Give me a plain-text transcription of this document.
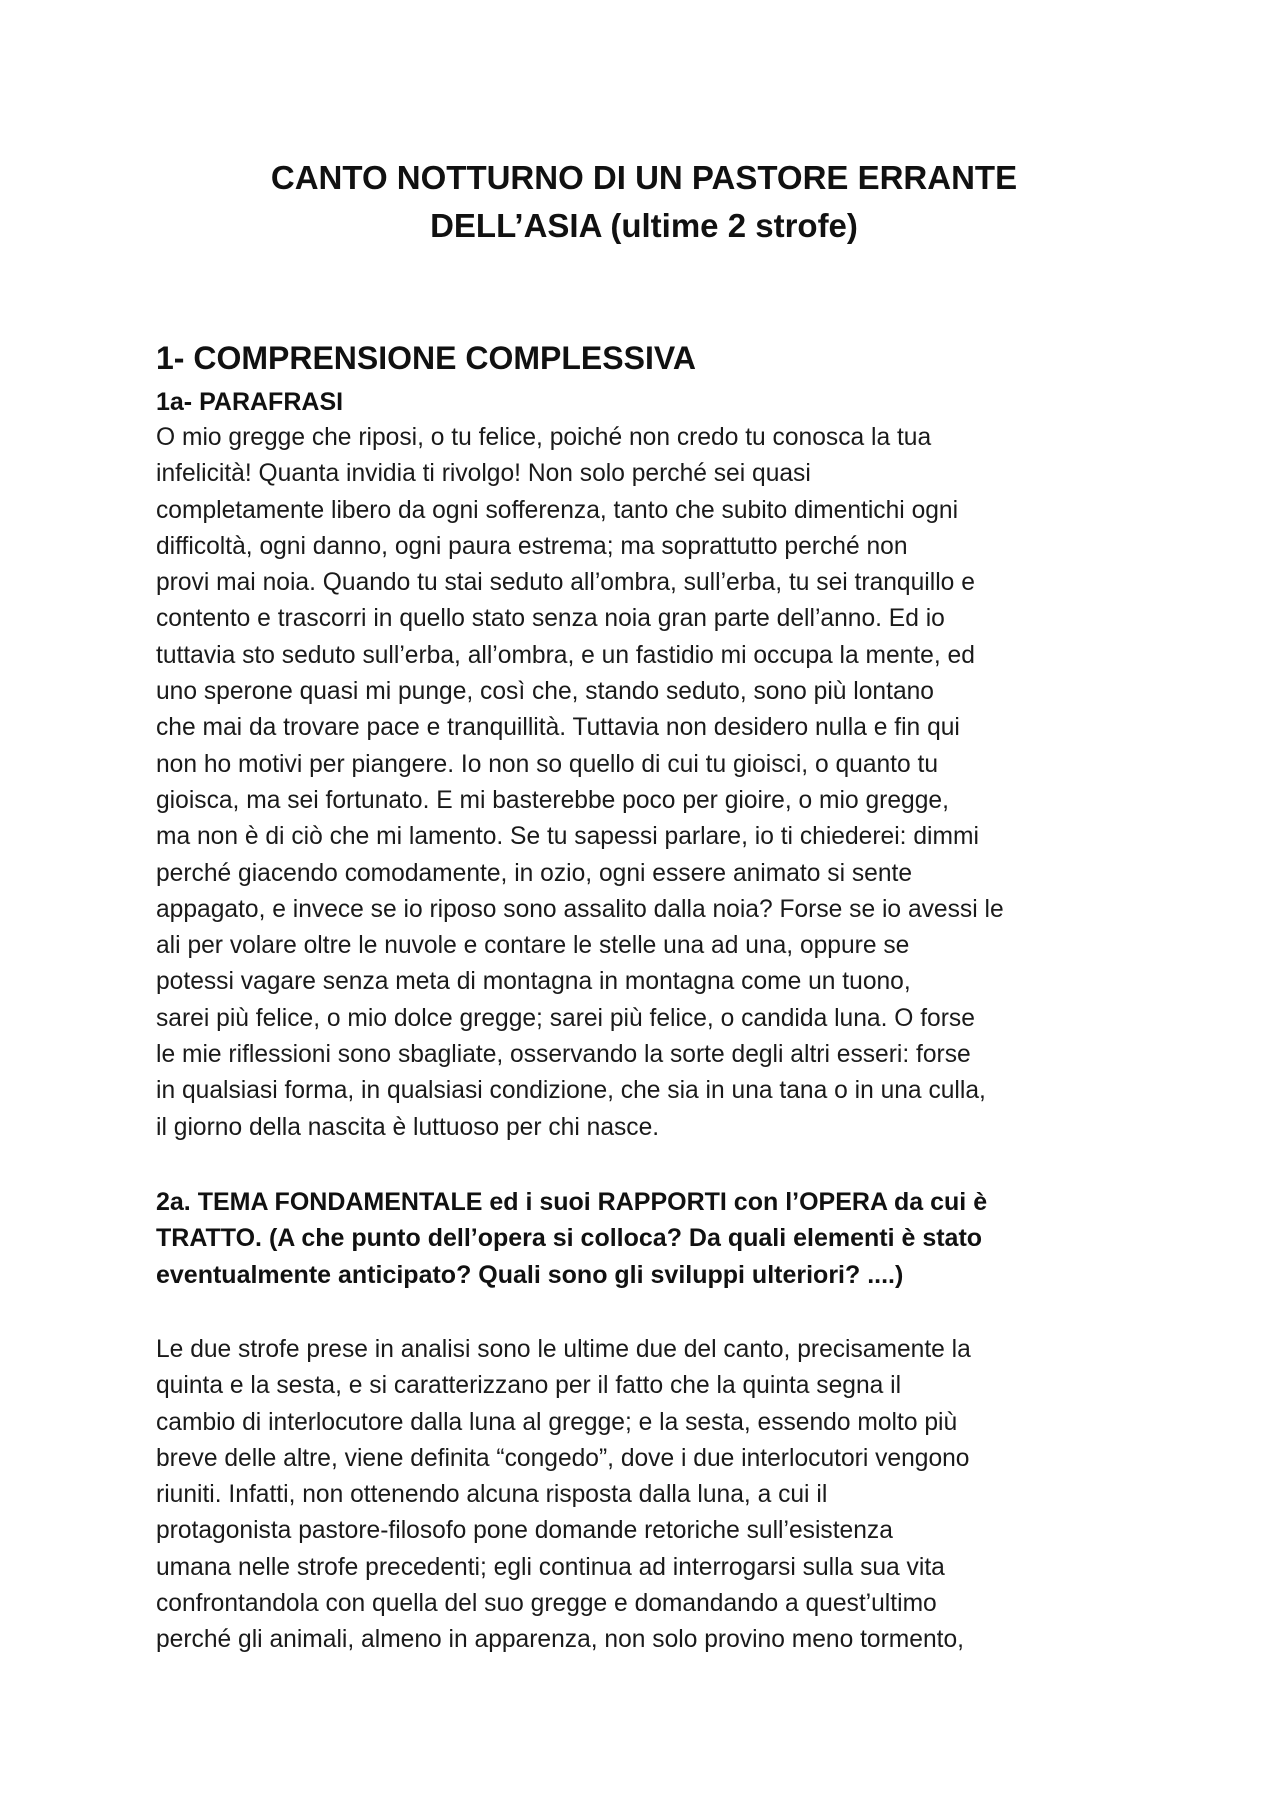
CANTO NOTTURNO DI UN PASTORE ERRANTE
DELL’ASIA (ultime 2 strofe)
1- COMPRENSIONE COMPLESSIVA
1a- PARAFRASI

O mio gregge che riposi, o tu felice, poiché non credo tu conosca la tua
infelicità! Quanta invidia ti rivolgo! Non solo perché sei quasi
completamente libero da ogni sofferenza, tanto che subito dimentichi ogni
difficoltà, ogni danno, ogni paura estrema; ma soprattutto perché non
provi mai noia. Quando tu stai seduto all’ombra, sull’erba, tu sei tranquillo e
contento e trascorri in quello stato senza noia gran parte dell’anno. Ed io
tuttavia sto seduto sull’erba, all’ombra, e un fastidio mi occupa la mente, ed
uno sperone quasi mi punge, così che, stando seduto, sono più lontano
che mai da trovare pace e tranquillità. Tuttavia non desidero nulla e fin qui
non ho motivi per piangere. Io non so quello di cui tu gioisci, o quanto tu
gioisca, ma sei fortunato. E mi basterebbe poco per gioire, o mio gregge,
ma non è di ciò che mi lamento. Se tu sapessi parlare, io ti chiederei: dimmi
perché giacendo comodamente, in ozio, ogni essere animato si sente
appagato, e invece se io riposo sono assalito dalla noia? Forse se io avessi le
ali per volare oltre le nuvole e contare le stelle una ad una, oppure se
potessi vagare senza meta di montagna in montagna come un tuono,
sarei più felice, o mio dolce gregge; sarei più felice, o candida luna. O forse
le mie riflessioni sono sbagliate, osservando la sorte degli altri esseri: forse
in qualsiasi forma, in qualsiasi condizione, che sia in una tana o in una culla,
il giorno della nascita è luttuoso per chi nasce.

2a. TEMA FONDAMENTALE ed i suoi RAPPORTI con l’OPERA da cui è
TRATTO. (A che punto dell’opera si colloca? Da quali elementi è stato
eventualmente anticipato? Quali sono gli sviluppi ulteriori? ....)

Le due strofe prese in analisi sono le ultime due del canto, precisamente la
quinta e la sesta, e si caratterizzano per il fatto che la quinta segna il
cambio di interlocutore dalla luna al gregge; e la sesta, essendo molto più
breve delle altre, viene definita “congedo”, dove i due interlocutori vengono
riuniti. Infatti, non ottenendo alcuna risposta dalla luna, a cui il
protagonista pastore-filosofo pone domande retoriche sull’esistenza
umana nelle strofe precedenti; egli continua ad interrogarsi sulla sua vita
confrontandola con quella del suo gregge e domandando a quest’ultimo
perché gli animali, almeno in apparenza, non solo provino meno tormento,
